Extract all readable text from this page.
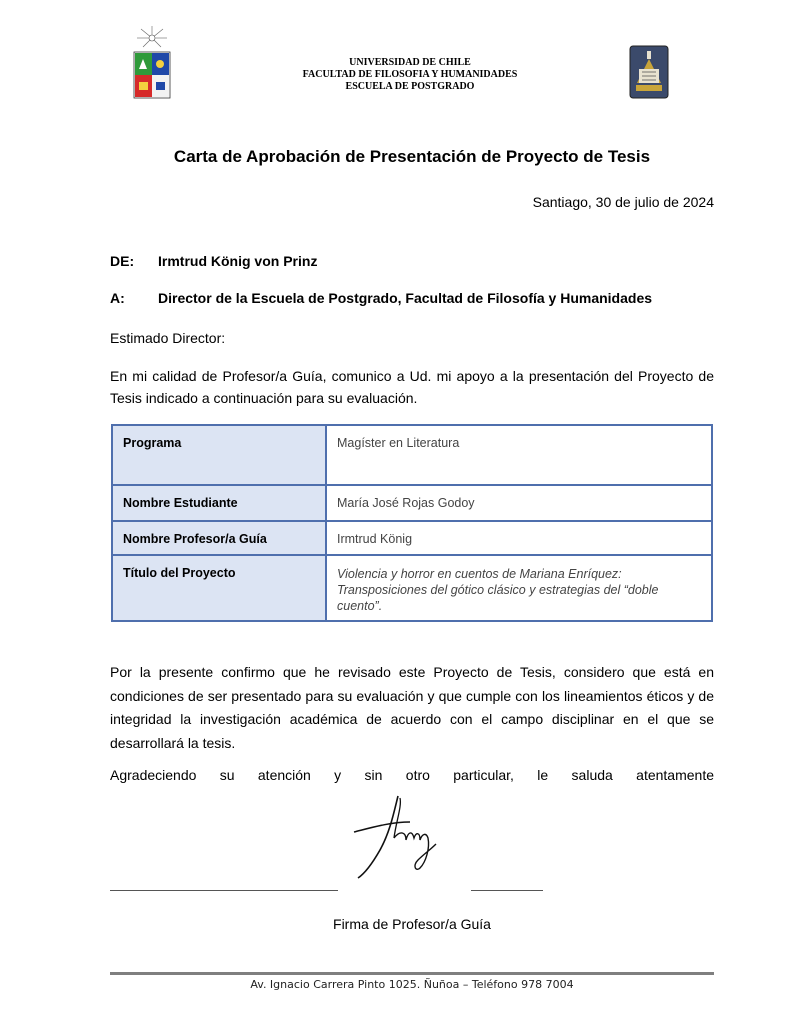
UNIVERSIDAD DE CHILE
FACULTAD DE FILOSOFIA Y HUMANIDADES
ESCUELA DE POSTGRADO
Carta de Aprobación de Presentación de Proyecto de Tesis
Santiago, 30 de julio de 2024
DE: Irmtrud König von Prinz
A: Director de la Escuela de Postgrado, Facultad de Filosofía y Humanidades
Estimado Director:
En mi calidad de Profesor/a Guía, comunico a Ud. mi apoyo a la presentación del Proyecto de Tesis indicado a continuación para su evaluación.
Programa	Magíster en Literatura
Nombre Estudiante	María José Rojas Godoy
Nombre Profesor/a Guía	Irmtrud König
Título del Proyecto	Violencia y horror en cuentos de Mariana Enríquez: Transposiciones del gótico clásico y estrategias del “doble cuento”.
Por la presente confirmo que he revisado este Proyecto de Tesis, considero que está en condiciones de ser presentado para su evaluación y que cumple con los lineamientos éticos y de integridad la investigación académica de acuerdo con el campo disciplinar en el que se desarrollará la tesis.
Agradeciendo su atención y sin otro particular, le saluda atentamente
Firma de Profesor/a Guía
Av. Ignacio Carrera Pinto 1025. Ñuñoa – Teléfono 978 7004
